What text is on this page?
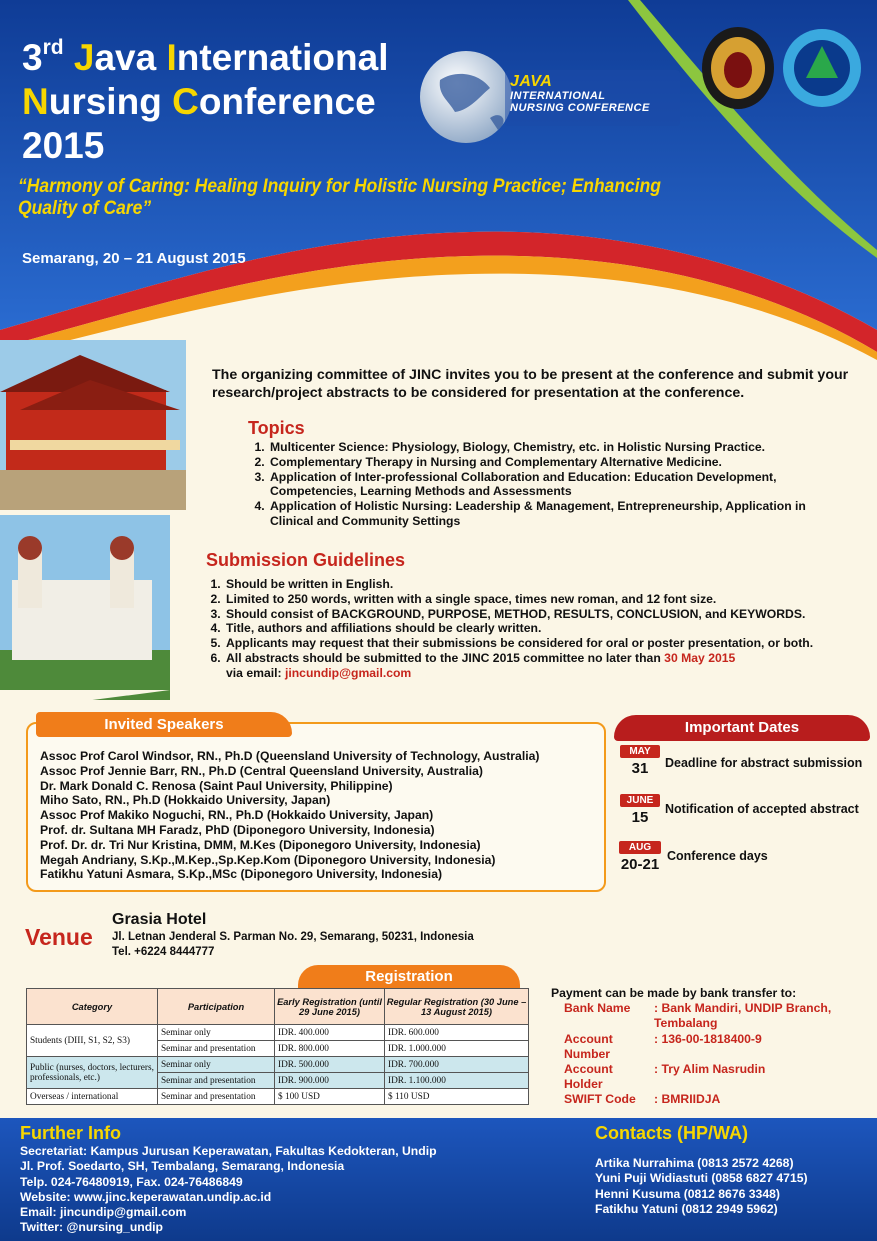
3rd Java International
Nursing Conference
2015
JAVA
INTERNATIONAL
NURSING CONFERENCE
“Harmony of Caring: Healing Inquiry for Holistic Nursing Practice; Enhancing Quality of Care”
Semarang, 20 – 21 August 2015
The organizing committee of JINC invites you to be present at the conference and submit your research/project abstracts to be considered for presentation at the conference.
Topics
1. Multicenter Science: Physiology, Biology, Chemistry, etc. in Holistic Nursing Practice.
2. Complementary Therapy in Nursing and Complementary Alternative Medicine.
3. Application of Inter-professional Collaboration and Education: Education Development, Competencies, Learning Methods and Assessments
4. Application of Holistic Nursing: Leadership & Management, Entrepreneurship, Application in Clinical and Community Settings
Submission Guidelines
1. Should be written in English.
2. Limited to 250 words, written with a single space, times new roman, and 12 font size.
3. Should consist of BACKGROUND, PURPOSE, METHOD, RESULTS, CONCLUSION, and KEYWORDS.
4. Title, authors and affiliations should be clearly written.
5. Applicants may request that their submissions be considered for oral or poster presentation, or both.
6. All abstracts should be submitted to the JINC 2015 committee no later than 30 May 2015
via email: jincundip@gmail.com
Invited Speakers
Assoc Prof Carol Windsor, RN., Ph.D (Queensland University of Technology, Australia)
Assoc Prof Jennie Barr, RN., Ph.D (Central Queensland University, Australia)
Dr. Mark Donald C. Renosa (Saint Paul University, Philippine)
Miho Sato, RN., Ph.D (Hokkaido University, Japan)
Assoc Prof Makiko Noguchi, RN., Ph.D (Hokkaido University, Japan)
Prof. dr. Sultana MH Faradz, PhD (Diponegoro University, Indonesia)
Prof. Dr. dr. Tri Nur Kristina, DMM, M.Kes (Diponegoro University, Indonesia)
Megah Andriany, S.Kp.,M.Kep.,Sp.Kep.Kom (Diponegoro University, Indonesia)
Fatikhu Yatuni Asmara, S.Kp.,MSc (Diponegoro University, Indonesia)
Important Dates
MAY
31	Deadline for abstract submission
JUNE
15	Notification of accepted abstract
AUG
20-21 Conference days
Venue
Grasia Hotel
Jl. Letnan Jenderal S. Parman No. 29, Semarang, 50231, Indonesia
Tel. +6224 8444777
Registration
Category	Participation	Early Registration (until 29 June 2015)	Regular Registration (30 June – 13 August 2015)
Students (DIII, S1, S2, S3)	Seminar only	IDR. 400.000	IDR. 600.000
	Seminar and presentation	IDR. 800.000	IDR. 1.000.000
Public (nurses, doctors, lecturers, professionals, etc.)	Seminar only	IDR. 500.000	IDR. 700.000
	Seminar and presentation	IDR. 900.000	IDR. 1.100.000
Overseas / international	Seminar and presentation	$ 100 USD	$ 110 USD
Payment can be made by bank transfer to:
Bank Name	: Bank Mandiri, UNDIP Branch, Tembalang
Account Number
: 136-00-1818400-9
Account Holder
: Try Alim Nasrudin
SWIFT Code	: BMRIIDJA
Further Info
Secretariat: Kampus Jurusan Keperawatan, Fakultas Kedokteran, Undip
Jl. Prof. Soedarto, SH, Tembalang, Semarang, Indonesia
Telp. 024-76480919, Fax. 024-76486849
Website: www.jinc.keperawatan.undip.ac.id
Email: jincundip@gmail.com
Twitter: @nursing_undip
Contacts (HP/WA)
Artika Nurrahima (0813 2572 4268)
Yuni Puji Widiastuti (0858 6827 4715)
Henni Kusuma (0812 8676 3348)
Fatikhu Yatuni (0812 2949 5962)
